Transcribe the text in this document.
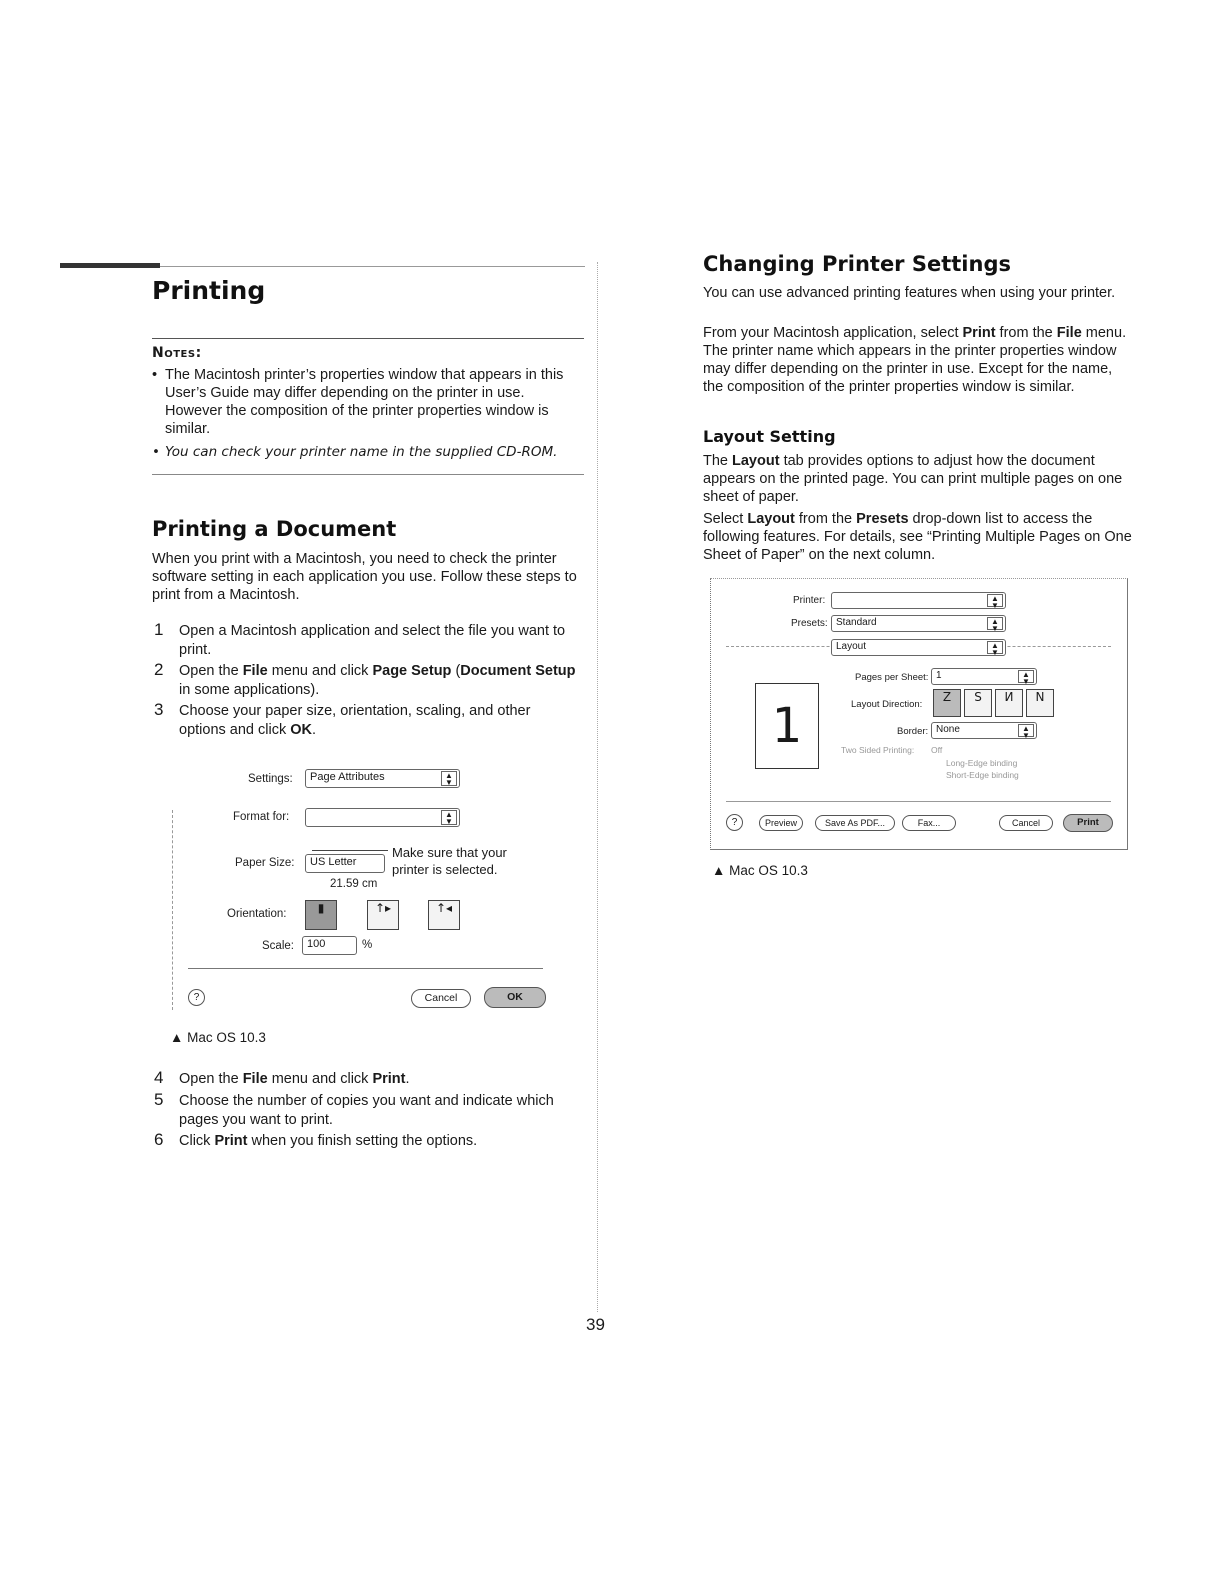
Printing
Notes:
• The Macintosh printer’s properties window that appears in this User’s Guide may differ depending on the printer in use. However the composition of the printer properties window is similar.
• You can check your printer name in the supplied CD-ROM.
Printing a Document
When you print with a Macintosh, you need to check the printer software setting in each application you use. Follow these steps to print from a Macintosh.
1 Open a Macintosh application and select the file you want to print.
2 Open the File menu and click Page Setup (Document Setup in some applications).
3 Choose your paper size, orientation, scaling, and other options and click OK.
Settings:	Page Attributes	▲
▼
Format for:	▲
▼
Paper Size:	US Letter
21.59 cm
Make sure that your printer is selected.
Orientation:	▮	↑▸	↑◂
Scale:	100	%
?	Cancel	OK
▲ Mac OS 10.3
4 Open the File menu and click Print.
5 Choose the number of copies you want and indicate which pages you want to print.
6 Click Print when you finish setting the options.
Changing Printer Settings
You can use advanced printing features when using your printer.
From your Macintosh application, select Print from the File menu. The printer name which appears in the printer properties window may differ depending on the printer in use. Except for the name, the composition of the printer properties window is similar.
Layout Setting
The Layout tab provides options to adjust how the document appears on the printed page. You can print multiple pages on one sheet of paper.
Select Layout from the Presets drop-down list to access the following features. For details, see “Printing Multiple Pages on One Sheet of Paper” on the next column.
Printer:	▲
▼
Presets: Standard	▲
▼
Layout	▲
▼
1
Pages per Sheet: 1	▲
▼
Layout Direction:
Z	S	И	N
Border: None	▲
▼
Two Sided Printing: Off
Long-Edge binding
Short-Edge binding
?	Preview	Save As PDF...	Fax...	Cancel	Print
▲ Mac OS 10.3
39
